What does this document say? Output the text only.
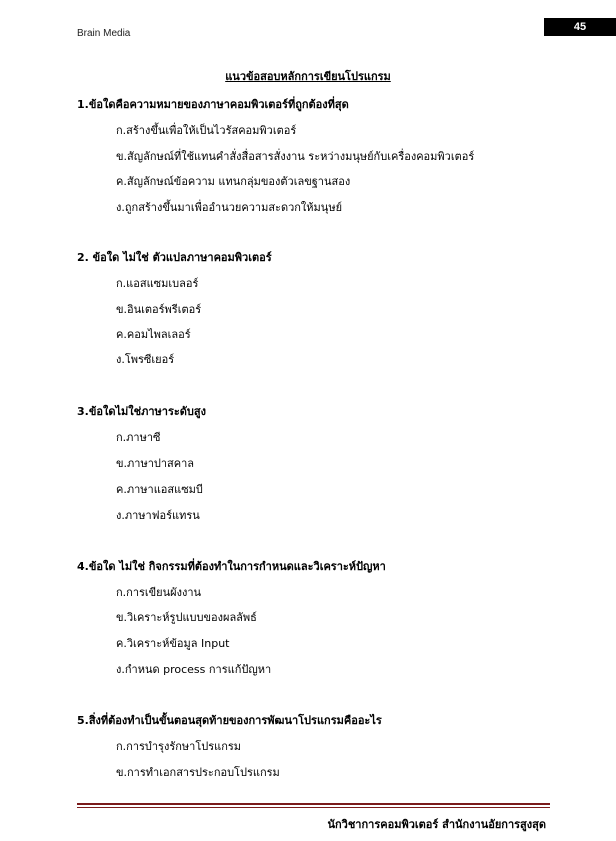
Brain Media
45
แนวข้อสอบหลักการเขียนโปรแกรม
1.ข้อใดคือความหมายของภาษาคอมพิวเตอร์ที่ถูกต้องที่สุด
ก.สร้างขึ้นเพื่อให้เป็นไวรัสคอมพิวเตอร์
ข.สัญลักษณ์ที่ใช้แทนคำสั่งสื่อสารสั่งงาน ระหว่างมนุษย์กับเครื่องคอมพิวเตอร์
ค.สัญลักษณ์ข้อความ แทนกลุ่มของตัวเลขฐานสอง
ง.ถูกสร้างขึ้นมาเพื่ออำนวยความสะดวกให้มนุษย์
2. ข้อใด ไม่ใช่ ตัวแปลภาษาคอมพิวเตอร์
ก.แอสแซมเบลอร์
ข.อินเตอร์พรีเตอร์
ค.คอมไพลเลอร์
ง.โพรซีเยอร์
3.ข้อใดไม่ใช่ภาษาระดับสูง
ก.ภาษาซี
ข.ภาษาปาสคาล
ค.ภาษาแอสแซมบี
ง.ภาษาฟอร์แทรน
4.ข้อใด ไม่ใช่ กิจกรรมที่ต้องทำในการกำหนดและวิเคราะห์ปัญหา
ก.การเขียนผังงาน
ข.วิเคราะห์รูปแบบของผลลัพธ์
ค.วิเคราะห์ข้อมูล Input
ง.กำหนด process การแก้ปัญหา
5.สิ่งที่ต้องทำเป็นขั้นตอนสุดท้ายของการพัฒนาโปรแกรมคืออะไร
ก.การบำรุงรักษาโปรแกรม
ข.การทำเอกสารประกอบโปรแกรม
นักวิชาการคอมพิวเตอร์ สำนักงานอัยการสูงสุด
